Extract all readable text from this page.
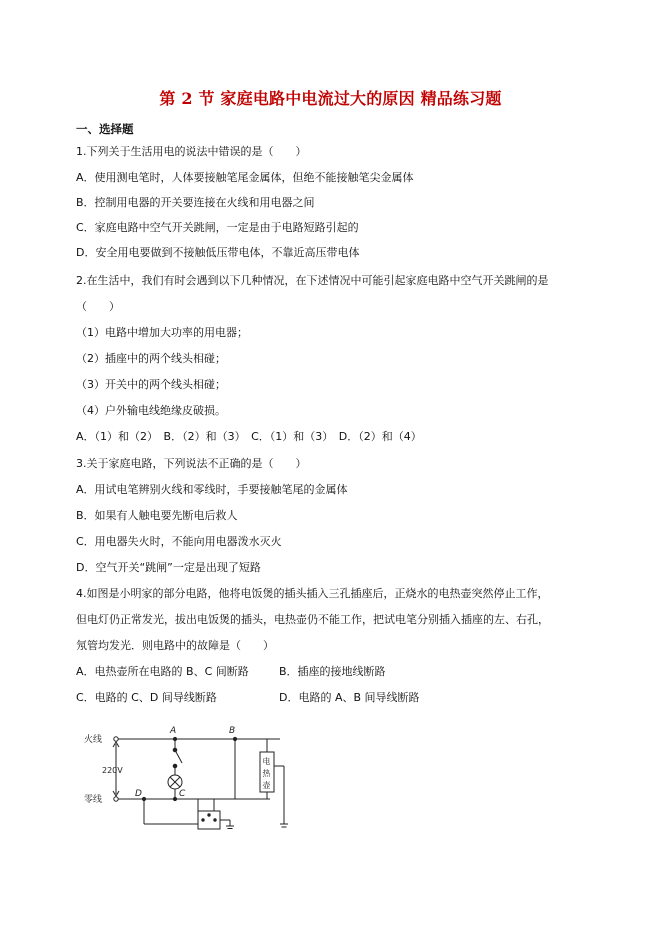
第 2 节 家庭电路中电流过大的原因 精品练习题
一、选择题
1.下列关于生活用电的说法中错误的是（　　）
A．使用测电笔时，人体要接触笔尾金属体，但绝不能接触笔尖金属体
B．控制用电器的开关要连接在火线和用电器之间
C．家庭电路中空气开关跳闸，一定是由于电路短路引起的
D．安全用电要做到不接触低压带电体，不靠近高压带电体
2.在生活中，我们有时会遇到以下几种情况，在下述情况中可能引起家庭电路中空气开关跳闸的是
（　　）
（1）电路中增加大功率的用电器；
（2）插座中的两个线头相碰；
（3）开关中的两个线头相碰；
（4）户外输电线绝缘皮破损。
A．（1）和（2）　B．（2）和（3）　C．（1）和（3）　D．（2）和（4）
3.关于家庭电路，下列说法不正确的是（　　）
A．用试电笔辨别火线和零线时，手要接触笔尾的金属体
B．如果有人触电要先断电后救人
C．用电器失火时，不能向用电器泼水灭火
D．空气开关“跳闸”一定是出现了短路
4.如图是小明家的部分电路，他将电饭煲的插头插入三孔插座后，正烧水的电热壶突然停止工作，
但电灯仍正常发光，拔出电饭煲的插头，电热壶仍不能工作，把试电笔分别插入插座的左、右孔，
氖管均发光．则电路中的故障是（　　）
A．电热壶所在电路的 B、C 间断路	B．插座的接地线断路
C．电路的 C、D 间导线断路	D．电路的 A、B 间导线断路
火线
零线
220V
A	B
C
D
电
热
壶
